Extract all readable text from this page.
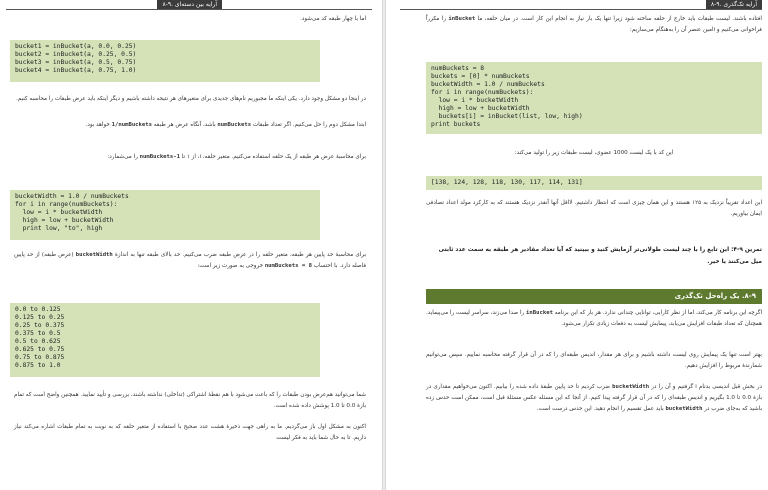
۸-۹. آرایه بین دسته‌ای

اما با چهار طبقه کد می‌شود.

bucket1 = inBucket(a, 0.0, 0.25)
bucket2 = inBucket(a, 0.25, 0.5)
bucket3 = inBucket(a, 0.5, 0.75)
bucket4 = inBucket(a, 0.75, 1.0)

در اینجا دو مشکل وجود دارد. یکی اینکه ما مجبوریم نام‌های جدیدی برای متغیرهای هر نتیجه داشته باشیم و دیگر اینکه باید عرض طبقات را محاسبه کنیم.

ابتدا مشکل دوم را حل می‌کنیم. اگر تعداد طبقات numBuckets باشد، آنگاه عرض هر طبقه 1/numBuckets خواهد بود.

برای محاسبهٔ عرض هر طبقه از یک حلقه استفاده می‌کنیم. متغیر حلقه، i، از ۱ تا numBuckets-1 را می‌شمارد:

bucketWidth = 1.0 / numBuckets
for i in range(numBuckets):
low = i * bucketWidth
high = low + bucketWidth
print low, "to", high

برای محاسبهٔ حد پایین هر طبقه، متغیر حلقه را در عرض طبقه ضرب می‌کنیم. حد بالای طبقه تنها به اندازهٔ bucketWidth (عرض طبقه) از حد پایین فاصله دارد. با احتساب numBuckets = 8 خروجی به صورت زیر است:

0.0 to 0.125
0.125 to 0.25
0.25 to 0.375
0.375 to 0.5
0.5 to 0.625
0.625 to 0.75
0.75 to 0.875
0.875 to 1.0

شما می‌توانید هم‌عرض بودن طبقات را که باعث می‌شود با هم نقطهٔ اشتراکی (تداخلی) نداشته باشند، بررسی و تأیید نمایید. همچنین واضح است که تمام بازهٔ 0.0 تا 1.0 پوشش داده شده است.

اکنون به مشکل اول باز می‌گردیم. ما به راهی جهت ذخیرهٔ هشت عدد صحیح با استفاده از متغیر حلقه که به نوبت به تمام طبقات اشاره می‌کند نیاز داریم. تا به حال شما باید به فکر لیست

۸-۹. آرایه تک‌گذری

افتاده باشند. لیست طبقات باید خارج از حلقه ساخته شود زیرا تنها یک بار نیاز به انجام این کار است. در میان حلقه، ما inBucket را مکرراً فراخوانی می‌کنیم و i‌امین عنصر آن را به‌هنگام می‌سازیم:

numBuckets = 8
buckets = [0] * numBuckets
bucketWidth = 1.0 / numBuckets
for i in range(numBuckets):
low = i * bucketWidth
high = low + bucketWidth
buckets[i] = inBucket(list, low, high)
print buckets

این کد با یک لیست 1000 عضوی، لیست طبقات زیر را تولید می‌کند:

[138, 124, 128, 118, 130, 117, 114, 131]

این اعداد تقریباً نزدیک به ۱۲۵ هستند و این همان چیزی است که انتظار داشتیم. لااقل آنها آنقدر نزدیک هستند که به کارکرد مولد اعداد تصادفی ایمان بیاوریم.

تمرین ۹-۴: این تابع را با چند لیست طولانی‌تر آزمایش کنید و ببینید که آیا تعداد مقادیر هر طبقه به سمت عدد ثابتی میل می‌کنند یا خیر.

۸-۹. یک راه‌حل تک‌گذری

اگرچه این برنامه کار می‌کند، اما از نظر کارایی، توانایی چندانی ندارد. هر بار که این برنامه inBucket را صدا می‌زند، سراسر لیست را می‌پیماید. همچنان که تعداد طبقات افزایش می‌یابد، پیمایش لیست به دفعات زیادی تکرار می‌شود.

بهتر است تنها یک پیمایش روی لیست داشته باشیم و برای هر مقدار، اندیس طبقه‌ای را که در آن قرار گرفته محاسبه نماییم. سپس می‌توانیم شمارندهٔ مربوط را افزایش دهیم.

در بخش قبل اندیسی بدنام i گرفتیم و آن را در bucketWidth ضرب کردیم تا حد پایین طبقهٔ داده شده را بیابیم. اکنون می‌خواهیم مقداری در بازهٔ 0.0 تا 1.0 بگیریم و اندیس طبقه‌ای را که در آن قرار گرفته پیدا کنیم. از آنجا که این مسئله عکس مسئلهٔ قبل است، ممکن است حدس زده باشید که به‌جای ضرب در bucketWidth باید عمل تقسیم را انجام دهید. این حدس درست است.
